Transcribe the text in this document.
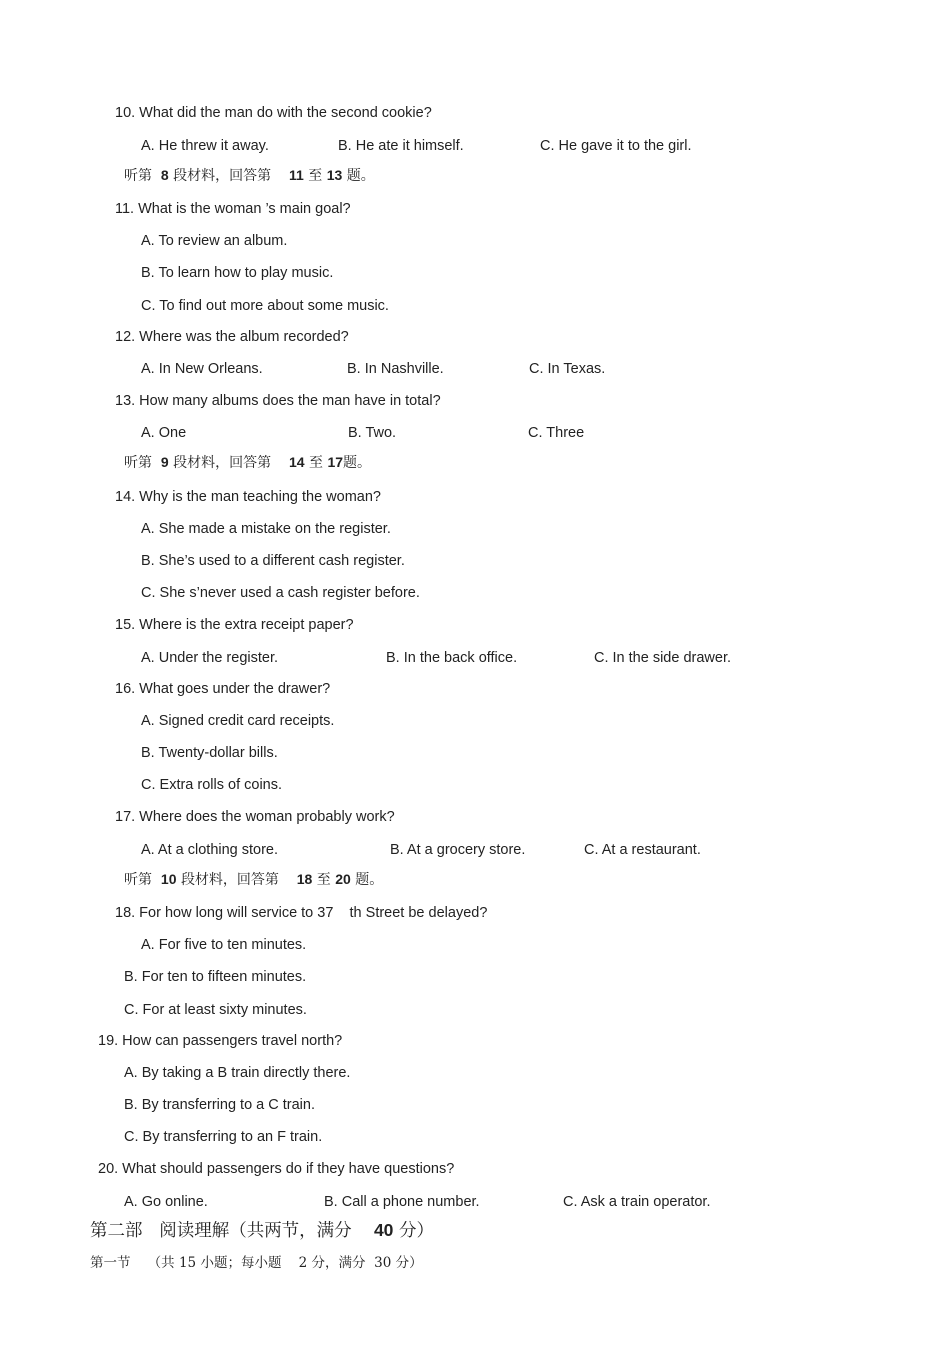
10. What did the man do with the second cookie?
A. He threw it away.	B. He ate it himself.	C. He gave it to the girl.
听第 8 段材料，回答第 11 至 13 题。
11. What is the woman ’s main goal?
A. To review an album.
B. To learn how to play music.
C. To find out more about some music.
12. Where was the album recorded?
A. In New Orleans.	B. In Nashville.	C. In Texas.
13. How many albums does the man have in total?
A. One	B. Two.	C. Three
听第 9 段材料，回答第 14 至 17题。
14. Why is the man teaching the woman?
A. She made a mistake on the register.
B. She’s used to a different cash register.
C. She s’never used a cash register before.
15. Where is the extra receipt paper?
A. Under the register.	B. In the back office.	C. In the side drawer.
16. What goes under the drawer?
A. Signed credit card receipts.
B. Twenty-dollar bills.
C. Extra rolls of coins.
17. Where does the woman probably work?
A. At a clothing store.	B. At a grocery store.	C. At a restaurant.
听第 10 段材料，回答第 18 至 20 题。
18. For how long will service to 37 th Street be delayed?
A. For five to ten minutes.
B. For ten to fifteen minutes.
C. For at least sixty minutes.
19. How can passengers travel north?
A. By taking a B train directly there.
B. By transferring to a C train.
C. By transferring to an F train.
20. What should passengers do if they have questions?
A. Go online.	B. Call a phone number.	C. Ask a train operator.
第二部   阅读理解（共两节，满分 40 分）
第一节 （共 15 小题；每小题 2 分，满分 30 分）
